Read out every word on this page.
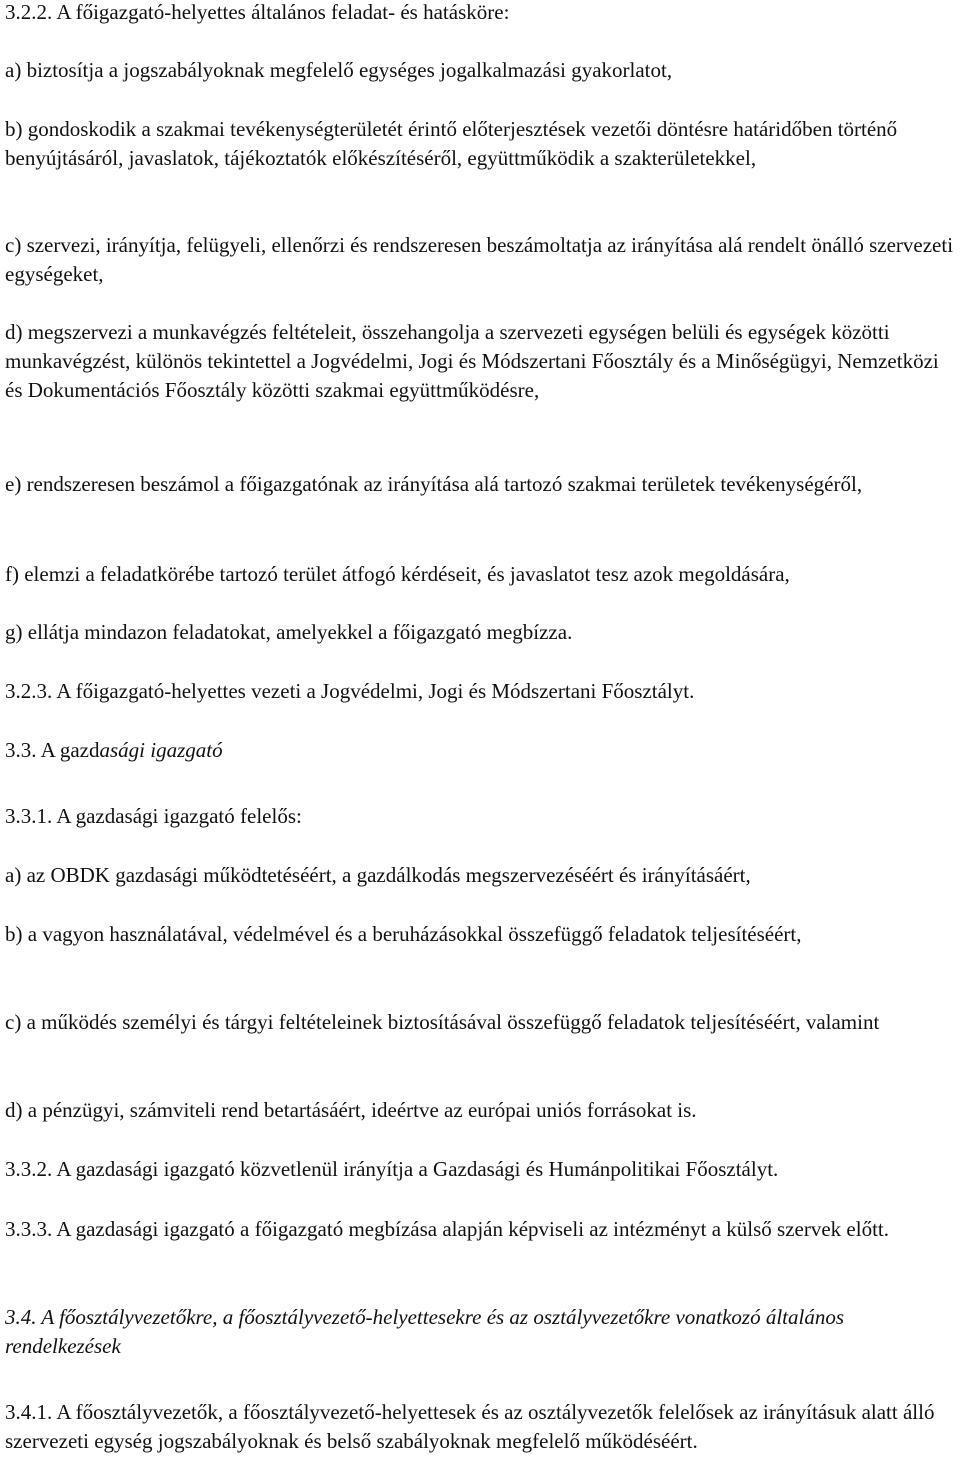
3.2.2. A főigazgató-helyettes általános feladat- és hatásköre:

a) biztosítja a jogszabályoknak megfelelő egységes jogalkalmazási gyakorlatot,

b) gondoskodik a szakmai tevékenységterületét érintő előterjesztések vezetői döntésre határidőben történő benyújtásáról, javaslatok, tájékoztatók előkészítéséről, együttműködik a szakterületekkel,

c) szervezi, irányítja, felügyeli, ellenőrzi és rendszeresen beszámoltatja az irányítása alá rendelt önálló szervezeti egységeket,

d) megszervezi a munkavégzés feltételeit, összehangolja a szervezeti egységen belüli és egységek közötti munkavégzést, különös tekintettel a Jogvédelmi, Jogi és Módszertani Főosztály és a Minőségügyi, Nemzetközi és Dokumentációs Főosztály közötti szakmai együttműködésre,

e) rendszeresen beszámol a főigazgatónak az irányítása alá tartozó szakmai területek tevékenységéről,

f) elemzi a feladatkörébe tartozó terület átfogó kérdéseit, és javaslatot tesz azok megoldására,

g) ellátja mindazon feladatokat, amelyekkel a főigazgató megbízza.

3.2.3. A főigazgató-helyettes vezeti a Jogvédelmi, Jogi és Módszertani Főosztályt.

3.3. A gazdasági igazgató

3.3.1. A gazdasági igazgató felelős:

a) az OBDK gazdasági működtetéséért, a gazdálkodás megszervezéséért és irányításáért,

b) a vagyon használatával, védelmével és a beruházásokkal összefüggő feladatok teljesítéséért,

c) a működés személyi és tárgyi feltételeinek biztosításával összefüggő feladatok teljesítéséért, valamint

d) a pénzügyi, számviteli rend betartásáért, ideértve az európai uniós forrásokat is.

3.3.2. A gazdasági igazgató közvetlenül irányítja a Gazdasági és Humánpolitikai Főosztályt.

3.3.3. A gazdasági igazgató a főigazgató megbízása alapján képviseli az intézményt a külső szervek előtt.

3.4. A főosztályvezetőkre, a főosztályvezető-helyettesekre és az osztályvezetőkre vonatkozó általános rendelkezések

3.4.1. A főosztályvezetők, a főosztályvezető-helyettesek és az osztályvezetők felelősek az irányításuk alatt álló szervezeti egység jogszabályoknak és belső szabályoknak megfelelő működéséért.
